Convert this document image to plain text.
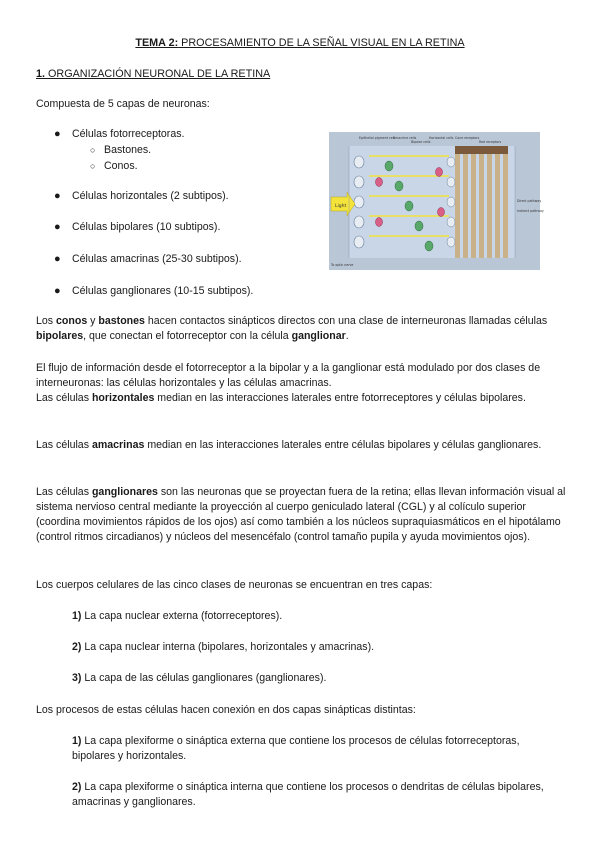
TEMA 2: PROCESAMIENTO DE LA SEÑAL VISUAL EN LA RETINA
1. ORGANIZACIÓN NEURONAL DE LA RETINA
Compuesta de 5 capas de neuronas:
● Células fotorreceptoras.
○ Bastones.
○ Conos.
● Células horizontales (2 subtipos).
● Células bipolares (10 subtipos).
● Células amacrinas (25-30 subtipos).
● Células ganglionares (10-15 subtipos).
Light
Epithelial pigment cell
Amacrine cells
Bipolar cells
Horizontal cells Cone receptors
Rod receptors
Direct pathway
Indirect pathway
To optic nerve
Los conos y bastones hacen contactos sinápticos directos con una clase de interneuronas llamadas células bipolares, que conectan el fotorreceptor con la célula ganglionar.
El flujo de información desde el fotorreceptor a la bipolar y a la ganglionar está modulado por dos clases de interneuronas: las células horizontales y las células amacrinas.
Las células horizontales median en las interacciones laterales entre fotorreceptores y células bipolares.
Las células amacrinas median en las interacciones laterales entre células bipolares y células ganglionares.
Las células ganglionares son las neuronas que se proyectan fuera de la retina; ellas llevan información visual al sistema nervioso central mediante la proyección al cuerpo geniculado lateral (CGL) y al colículo superior (coordina movimientos rápidos de los ojos) así como también a los núcleos supraquiasmáticos en el hipotálamo (control ritmos circadianos) y núcleos del mesencéfalo (control tamaño pupila y ayuda movimientos ojos).
Los cuerpos celulares de las cinco clases de neuronas se encuentran en tres capas:
1) La capa nuclear externa (fotorreceptores).
2) La capa nuclear interna (bipolares, horizontales y amacrinas).
3) La capa de las células ganglionares (ganglionares).
Los procesos de estas células hacen conexión en dos capas sinápticas distintas:
1) La capa plexiforme o sináptica externa que contiene los procesos de células fotorreceptoras, bipolares y horizontales.
2) La capa plexiforme o sináptica interna que contiene los procesos o dendritas de células bipolares, amacrinas y ganglionares.
